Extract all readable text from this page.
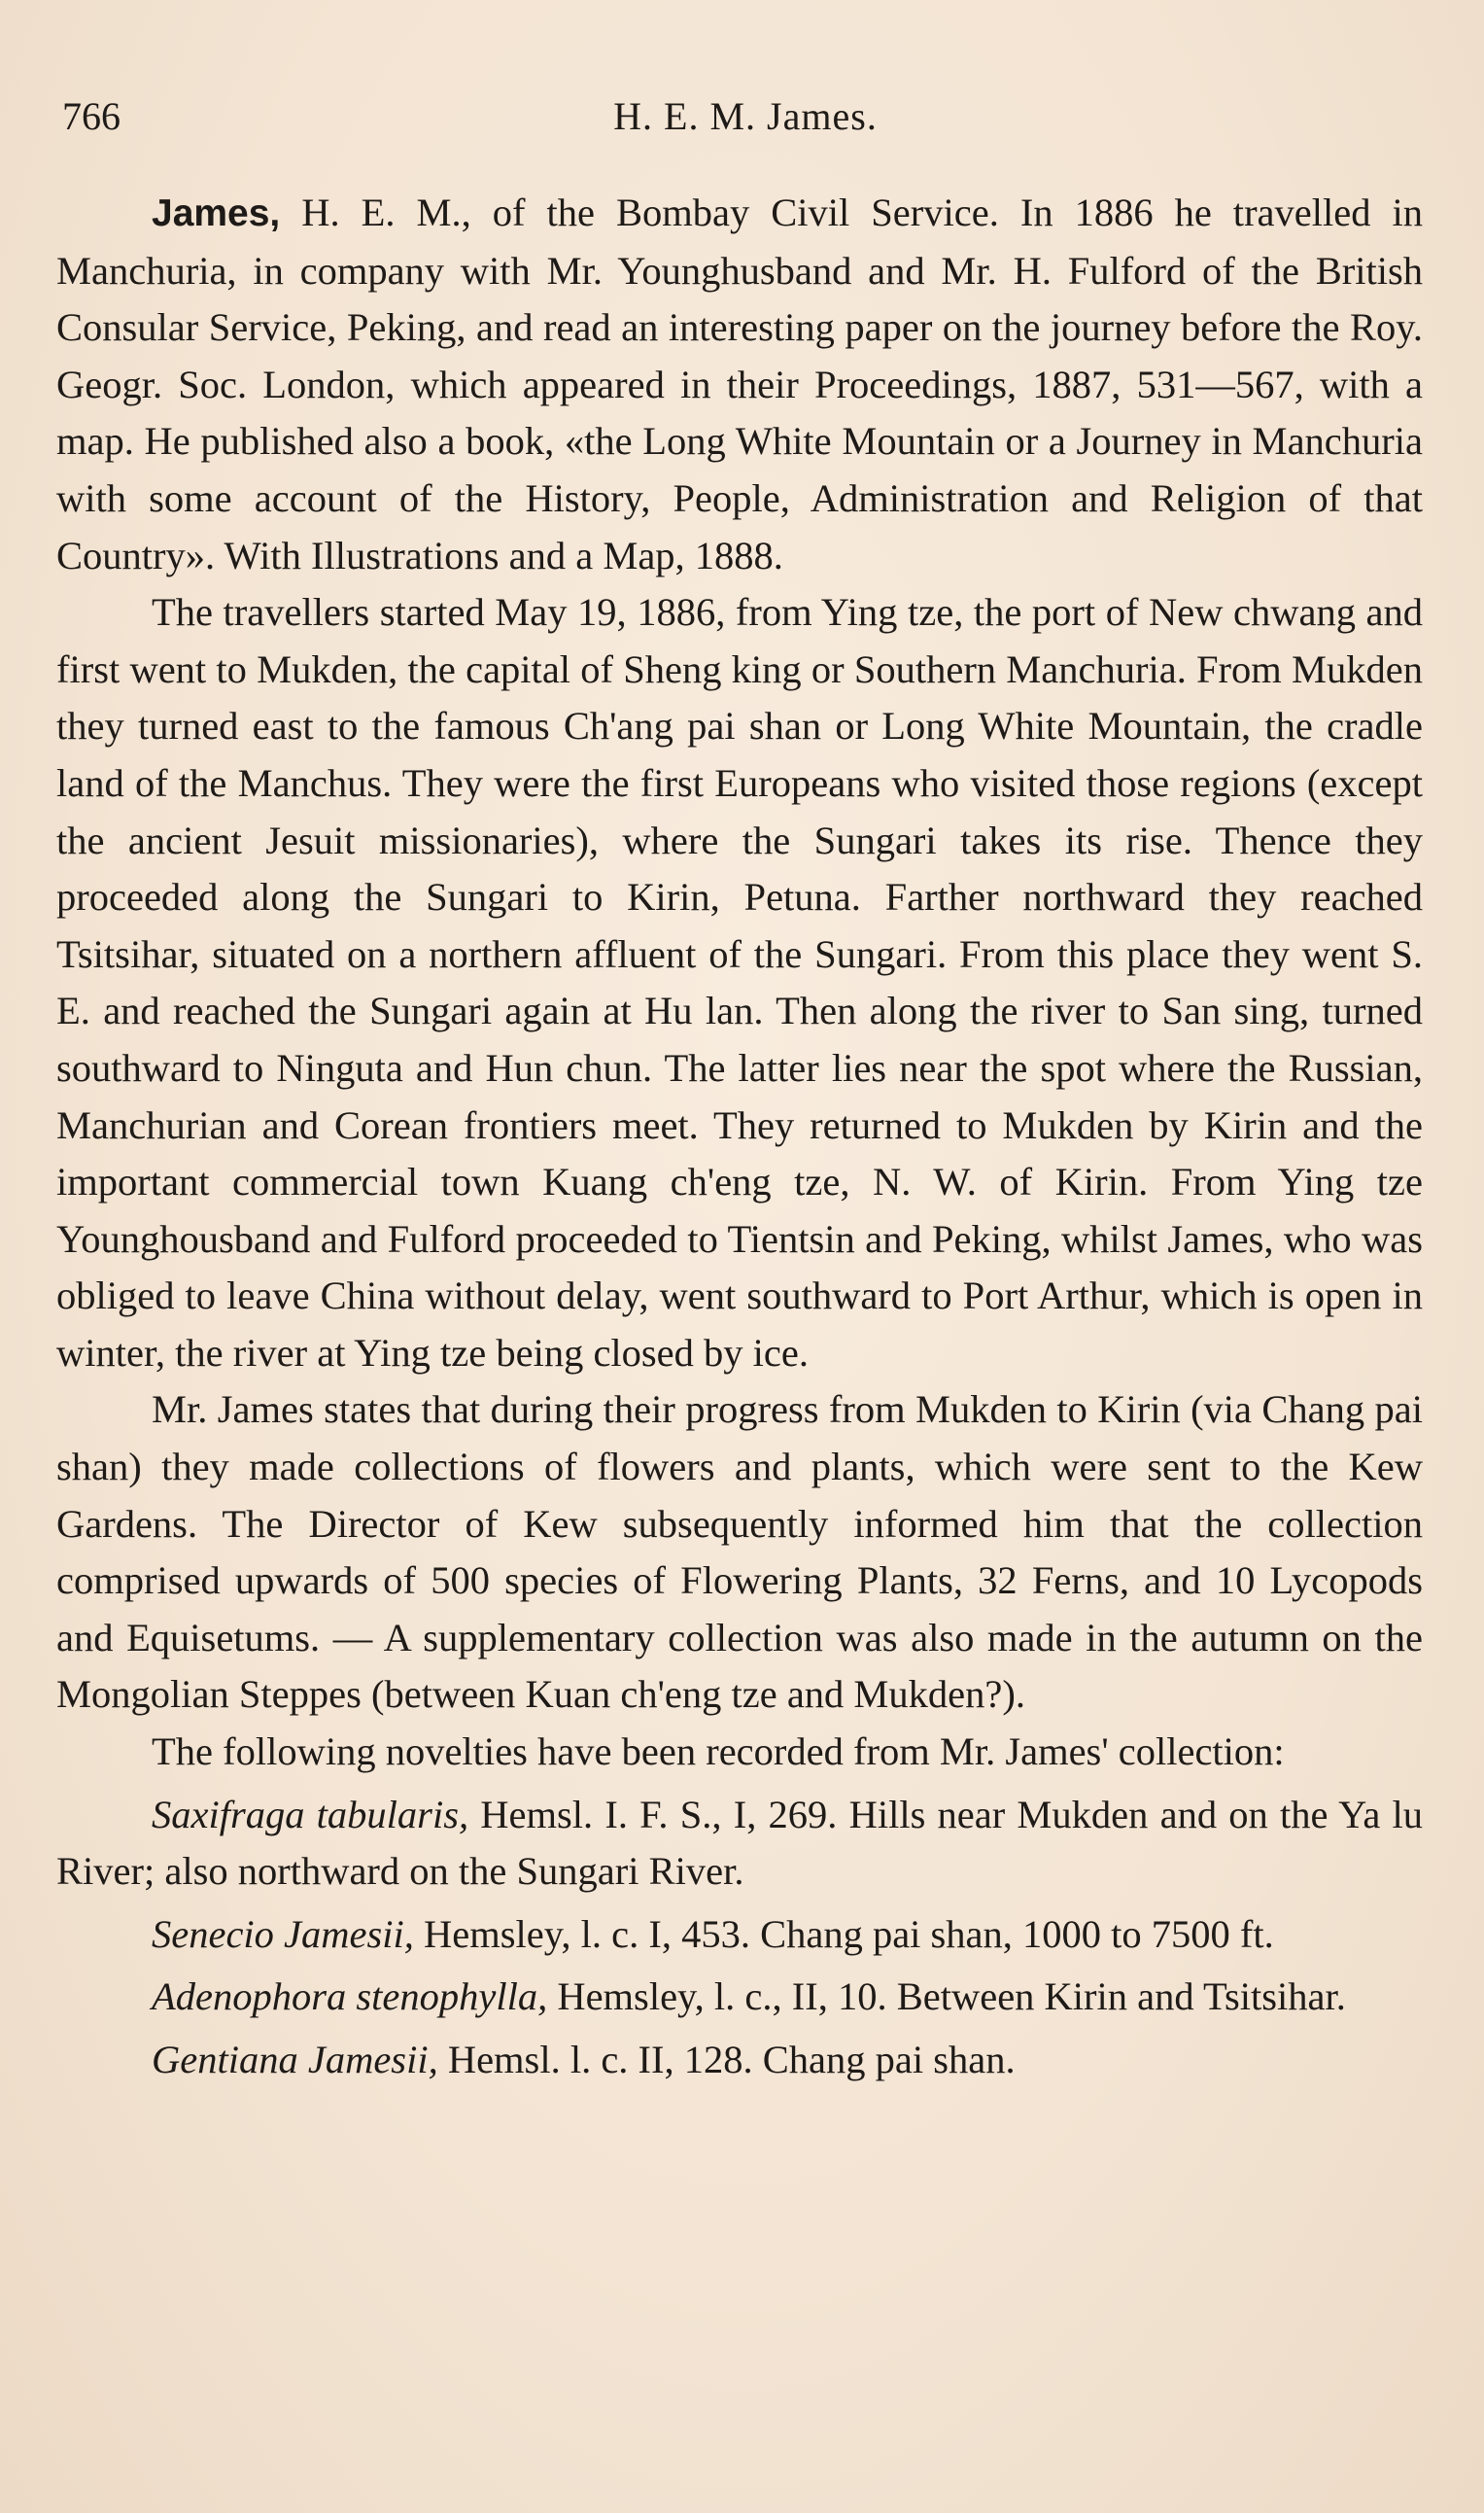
766	H. E. M. James.

James, H. E. M., of the Bombay Civil Service. In 1886 he travelled in Manchuria, in company with Mr. Younghusband and Mr. H. Fulford of the British Consular Service, Peking, and read an interesting paper on the journey before the Roy. Geogr. Soc. London, which appeared in their Proceedings, 1887, 531—567, with a map. He published also a book, «the Long White Mountain or a Journey in Manchuria with some account of the History, People, Administration and Religion of that Country». With Illustrations and a Map, 1888.

The travellers started May 19, 1886, from Ying tze, the port of New chwang and first went to Mukden, the capital of Sheng king or Southern Manchuria. From Mukden they turned east to the famous Ch'ang pai shan or Long White Mountain, the cradle land of the Manchus. They were the first Europeans who visited those regions (except the ancient Jesuit missionaries), where the Sungari takes its rise. Thence they proceeded along the Sungari to Kirin, Petuna. Farther northward they reached Tsitsihar, situated on a northern affluent of the Sungari. From this place they went S. E. and reached the Sungari again at Hu lan. Then along the river to San sing, turned southward to Ninguta and Hun chun. The latter lies near the spot where the Russian, Manchurian and Corean frontiers meet. They returned to Mukden by Kirin and the important commercial town Kuang ch'eng tze, N. W. of Kirin. From Ying tze Younghousband and Fulford proceeded to Tientsin and Peking, whilst James, who was obliged to leave China without delay, went southward to Port Arthur, which is open in winter, the river at Ying tze being closed by ice.

Mr. James states that during their progress from Mukden to Kirin (via Chang pai shan) they made collections of flowers and plants, which were sent to the Kew Gardens. The Director of Kew subsequently informed him that the collection comprised upwards of 500 species of Flowering Plants, 32 Ferns, and 10 Lycopods and Equisetums. — A supplementary collection was also made in the autumn on the Mongolian Steppes (between Kuan ch'eng tze and Mukden?).

The following novelties have been recorded from Mr. James' collection:

Saxifraga tabularis, Hemsl. I. F. S., I, 269. Hills near Mukden and on the Ya lu River; also northward on the Sungari River.

Senecio Jamesii, Hemsley, l. c. I, 453. Chang pai shan, 1000 to 7500 ft.

Adenophora stenophylla, Hemsley, l. c., II, 10. Between Kirin and Tsitsihar.

Gentiana Jamesii, Hemsl. l. c. II, 128. Chang pai shan.
